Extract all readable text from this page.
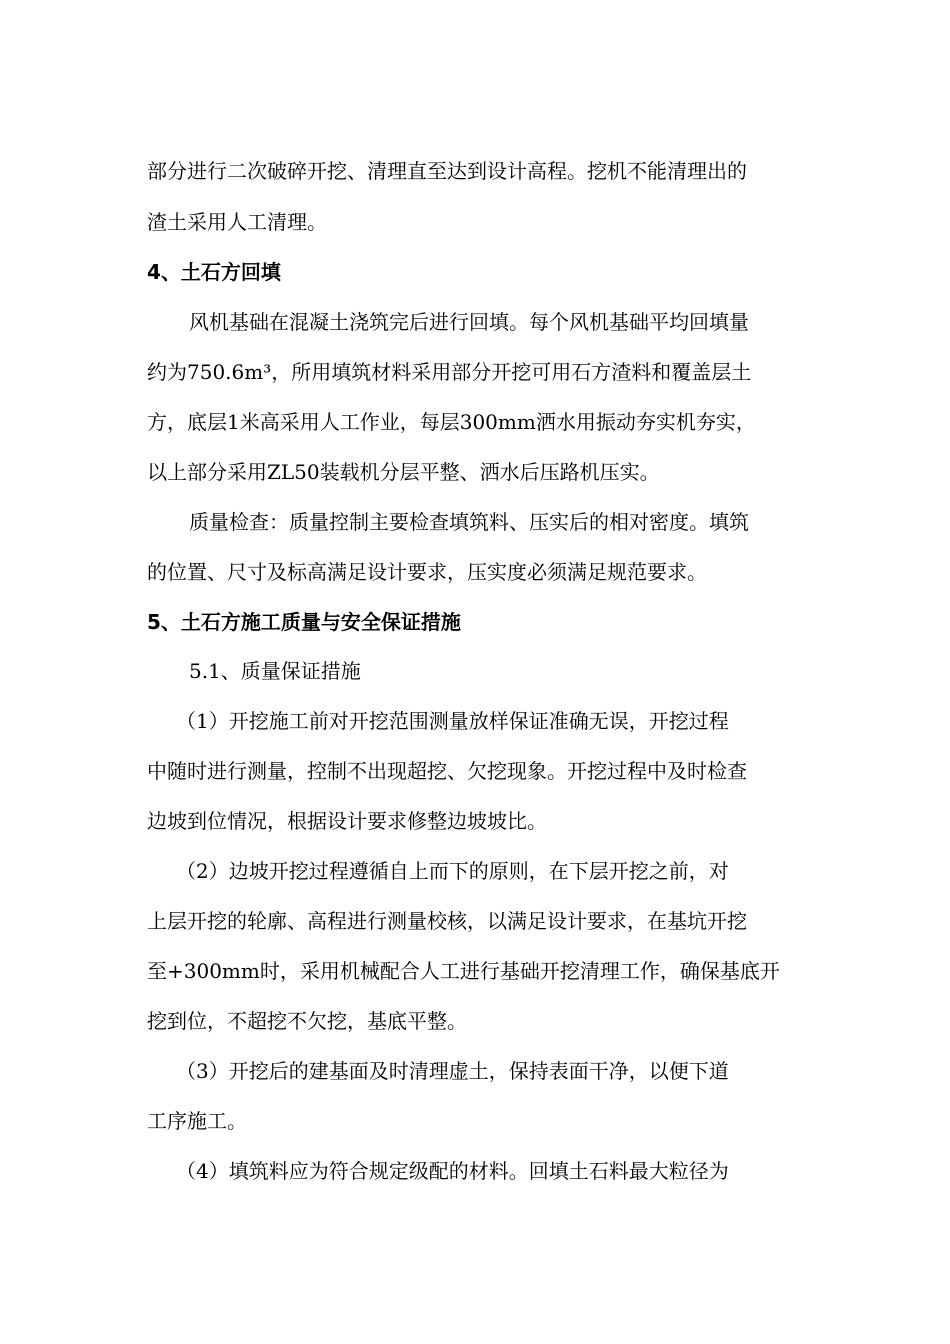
部分进行二次破碎开挖、清理直至达到设计高程。挖机不能清理出的
渣土采用人工清理。
4、土石方回填
风机基础在混凝土浇筑完后进行回填。每个风机基础平均回填量
约为750.6m³，所用填筑材料采用部分开挖可用石方渣料和覆盖层土
方，底层1米高采用人工作业，每层300mm洒水用振动夯实机夯实，
以上部分采用ZL50装载机分层平整、洒水后压路机压实。
质量检查：质量控制主要检查填筑料、压实后的相对密度。填筑
的位置、尺寸及标高满足设计要求，压实度必须满足规范要求。
5、土石方施工质量与安全保证措施
5.1、质量保证措施
（1）开挖施工前对开挖范围测量放样保证准确无误，开挖过程
中随时进行测量，控制不出现超挖、欠挖现象。开挖过程中及时检查
边坡到位情况，根据设计要求修整边坡坡比。
（2）边坡开挖过程遵循自上而下的原则，在下层开挖之前，对
上层开挖的轮廓、高程进行测量校核，以满足设计要求，在基坑开挖
至+300mm时，采用机械配合人工进行基础开挖清理工作，确保基底开
挖到位，不超挖不欠挖，基底平整。
（3）开挖后的建基面及时清理虚土，保持表面干净，以便下道
工序施工。
（4）填筑料应为符合规定级配的材料。回填土石料最大粒径为
